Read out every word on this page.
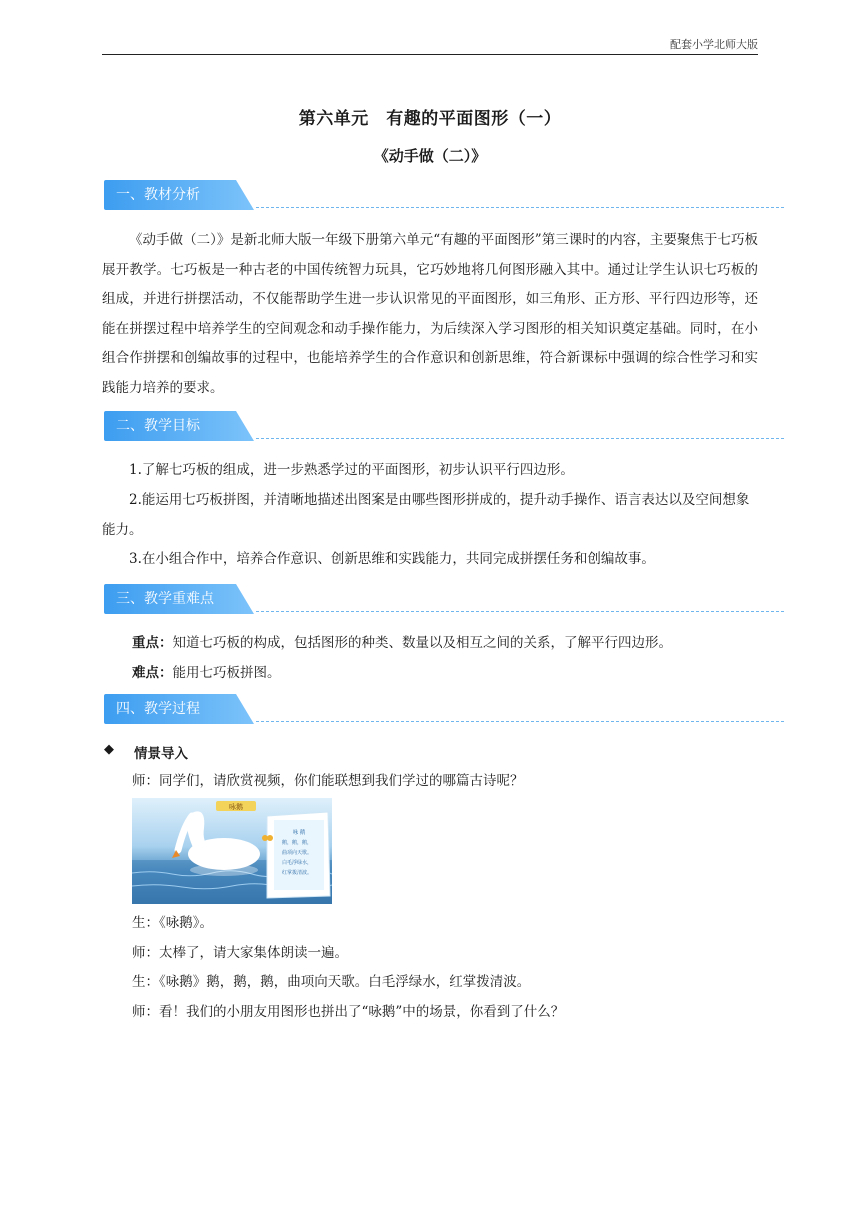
配套小学北师大版
第六单元　有趣的平面图形（一）
《动手做（二）》
一、教材分析
《动手做（二）》是新北师大版一年级下册第六单元“有趣的平面图形”第三课时的内容，主要聚焦于七巧板展开教学。七巧板是一种古老的中国传统智力玩具，它巧妙地将几何图形融入其中。通过让学生认识七巧板的组成，并进行拼摆活动，不仅能帮助学生进一步认识常见的平面图形，如三角形、正方形、平行四边形等，还能在拼摆过程中培养学生的空间观念和动手操作能力，为后续深入学习图形的相关知识奠定基础。同时，在小组合作拼摆和创编故事的过程中，也能培养学生的合作意识和创新思维，符合新课标中强调的综合性学习和实践能力培养的要求。
二、教学目标
1.了解七巧板的组成，进一步熟悉学过的平面图形，初步认识平行四边形。
2.能运用七巧板拼图，并清晰地描述出图案是由哪些图形拼成的，提升动手操作、语言表达以及空间想象能力。
3.在小组合作中，培养合作意识、创新思维和实践能力，共同完成拼摆任务和创编故事。
三、教学重难点
重点：知道七巧板的构成，包括图形的种类、数量以及相互之间的关系，了解平行四边形。
难点：能用七巧板拼图。
四、教学过程
◆ 情景导入
师：同学们，请欣赏视频，你们能联想到我们学过的哪篇古诗呢？
咏鹅
咏 鹅
鹅，鹅，鹅，
曲项向天歌。
白毛浮绿水，
红掌拨清波。
生：《咏鹅》。
师：太棒了，请大家集体朗读一遍。
生：《咏鹅》鹅，鹅，鹅，曲项向天歌。白毛浮绿水，红掌拨清波。
师：看！我们的小朋友用图形也拼出了“咏鹅”中的场景，你看到了什么？
